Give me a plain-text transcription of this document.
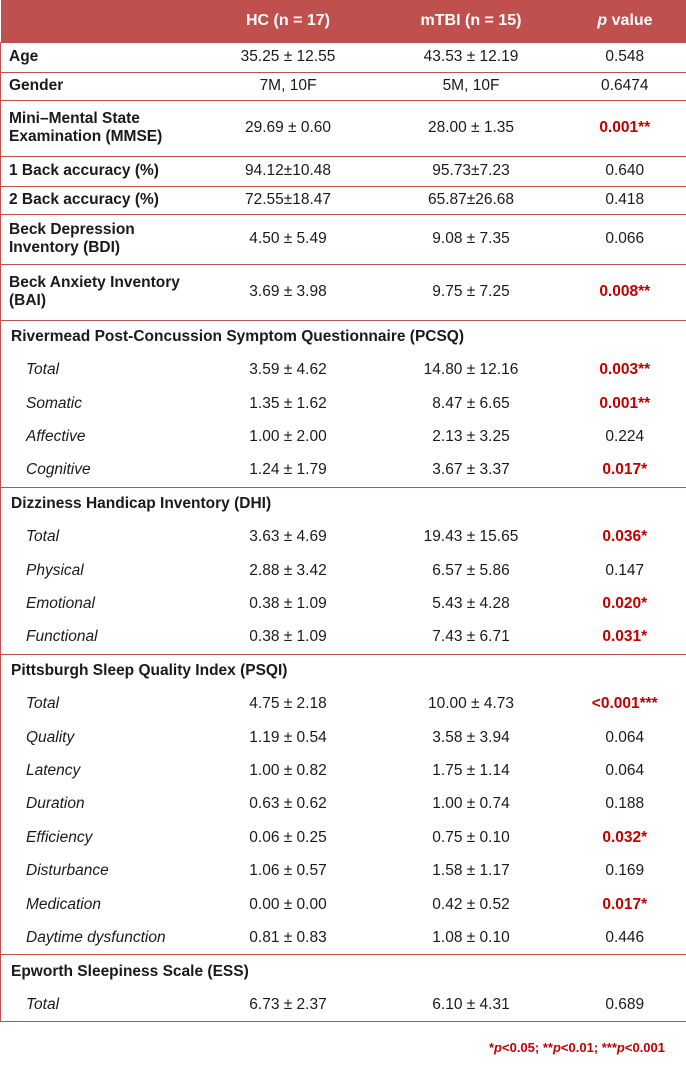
	HC (n = 17)	mTBI (n = 15)	p value
Age	35.25 ± 12.55	43.53 ± 12.19	0.548
Gender	7M, 10F	5M, 10F	0.6474
Mini–Mental State Examination (MMSE)	29.69 ± 0.60	28.00 ± 1.35	0.001**
1 Back accuracy (%)	94.12±10.48	95.73±7.23	0.640
2 Back accuracy (%)	72.55±18.47	65.87±26.68	0.418
Beck Depression Inventory (BDI)	4.50 ± 5.49	9.08 ± 7.35	0.066
Beck Anxiety Inventory (BAI)	3.69 ± 3.98	9.75 ± 7.25	0.008**
Rivermead Post-Concussion Symptom Questionnaire (PCSQ)			
Total	3.59 ± 4.62	14.80 ± 12.16	0.003**
Somatic	1.35 ± 1.62	8.47 ± 6.65	0.001**
Affective	1.00 ± 2.00	2.13 ± 3.25	0.224
Cognitive	1.24 ± 1.79	3.67 ± 3.37	0.017*
Dizziness Handicap Inventory (DHI)			
Total	3.63 ± 4.69	19.43 ± 15.65	0.036*
Physical	2.88 ± 3.42	6.57 ± 5.86	0.147
Emotional	0.38 ± 1.09	5.43 ± 4.28	0.020*
Functional	0.38 ± 1.09	7.43 ± 6.71	0.031*
Pittsburgh Sleep Quality Index (PSQI)			
Total	4.75 ± 2.18	10.00 ± 4.73	<0.001***
Quality	1.19 ± 0.54	3.58 ± 3.94	0.064
Latency	1.00 ± 0.82	1.75 ± 1.14	0.064
Duration	0.63 ± 0.62	1.00 ± 0.74	0.188
Efficiency	0.06 ± 0.25	0.75 ± 0.10	0.032*
Disturbance	1.06 ± 0.57	1.58 ± 1.17	0.169
Medication	0.00 ± 0.00	0.42 ± 0.52	0.017*
Daytime dysfunction	0.81 ± 0.83	1.08 ± 0.10	0.446
Epworth Sleepiness Scale (ESS)			
Total	6.73 ± 2.37	6.10 ± 4.31	0.689
*p<0.05; **p<0.01; ***p<0.001
